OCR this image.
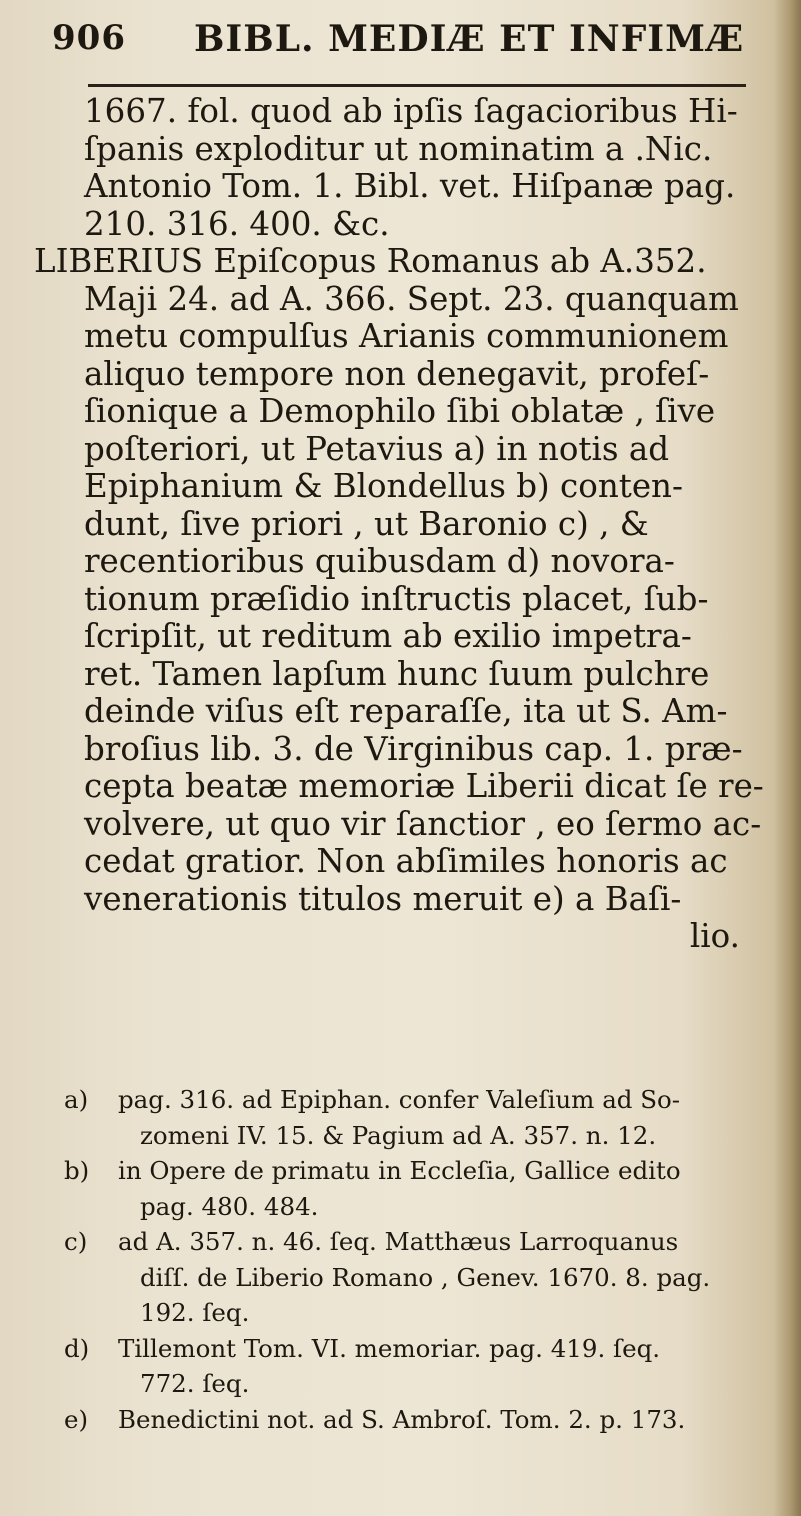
906 BIBL. MEDIÆ ET INFIMÆ
1667. fol. quod ab ipſis ſagacioribus Hi-
ſpanis exploditur ut nominatim a .Nic.
Antonio Tom. 1. Bibl. vet. Hiſpanæ pag.
210. 316. 400. &c.
LIBERIUS Epiſcopus Romanus ab A.352.
Maji 24. ad A. 366. Sept. 23. quanquam
metu compulſus Arianis communionem
aliquo tempore non denegavit, profeſ-
ſionique a Demophilo ſibi oblatæ , ſive
poſteriori, ut Petavius a) in notis ad
Epiphanium & Blondellus b) conten-
dunt, ſive priori , ut Baronio c) , &
recentioribus quibusdam d) novora-
tionum præſidio inſtructis placet, ſub-
ſcripſit, ut reditum ab exilio impetra-
ret. Tamen lapſum hunc ſuum pulchre
deinde viſus eſt reparaſſe, ita ut S. Am-
broſius lib. 3. de Virginibus cap. 1. præ-
cepta beatæ memoriæ Liberii dicat ſe re-
volvere, ut quo vir ſanctior , eo ſermo ac-
cedat gratior. Non abſimiles honoris ac
venerationis titulos meruit e) a Baſi-
lio.
a) pag. 316. ad Epiphan. confer Valeſium ad So-
zomeni IV. 15. & Pagium ad A. 357. n. 12.
b) in Opere de primatu in Eccleſia, Gallice edito
pag. 480. 484.
c) ad A. 357. n. 46. ſeq. Matthæus Larroquanus
diſſ. de Liberio Romano , Genev. 1670. 8. pag.
192. ſeq.
d) Tillemont Tom. VI. memoriar. pag. 419. ſeq.
772. ſeq.
e) Benedictini not. ad S. Ambroſ. Tom. 2. p. 173.
